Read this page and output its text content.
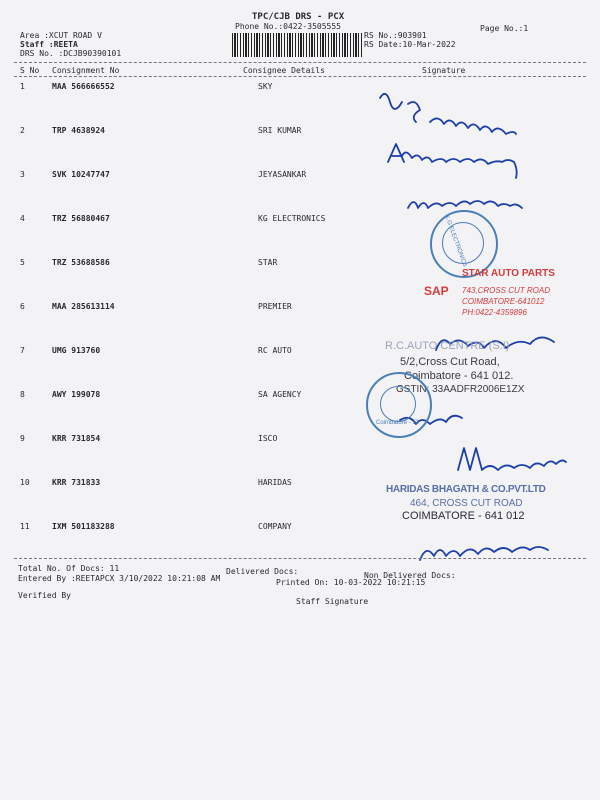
TPC/CJB DRS - PCX
Phone No.:0422-3505555
Area :XCUT ROAD V
Staff :REETA
DRS No. :DCJB90390101
RS No.:903901
RS Date:10-Mar-2022
Page No.:1
S No Consignment No	Consignee Details	Signature
1	MAA 566666552	SKY
2	TRP 4638924	SRI KUMAR
3	SVK 10247747	JEYASANKAR
4	TRZ 56880467	KG ELECTRONICS
5	TRZ 53688586	STAR
6	MAA 285613114	PREMIER
7	UMG 913760	RC AUTO
8	AWY 199078	SA AGENCY
9	KRR 731854	ISCO
10	KRR 731833	HARIDAS
11	IXM 501183288	COMPANY
K.G ELECTRONICS
STAR AUTO PARTS
SAP 743,CROSS CUT ROAD
COIMBATORE-641012
PH:0422-4359896
R.C.AUTO CENTRE (S.I)
5/2,Cross Cut Road,
Coimbatore - 641 012.
GSTIN: 33AADFR2006E1ZX
Coimbatore - 12
HARIDAS BHAGATH & CO.PVT.LTD
464, CROSS CUT ROAD
COIMBATORE - 641 012
Total No. Of Docs: 11	Delivered Docs:	Non Delivered Docs:
Entered By :REETAPCX 3/10/2022 10:21:08 AM	Printed On: 10-03-2022 10:21:15
Verified By
Staff Signature
